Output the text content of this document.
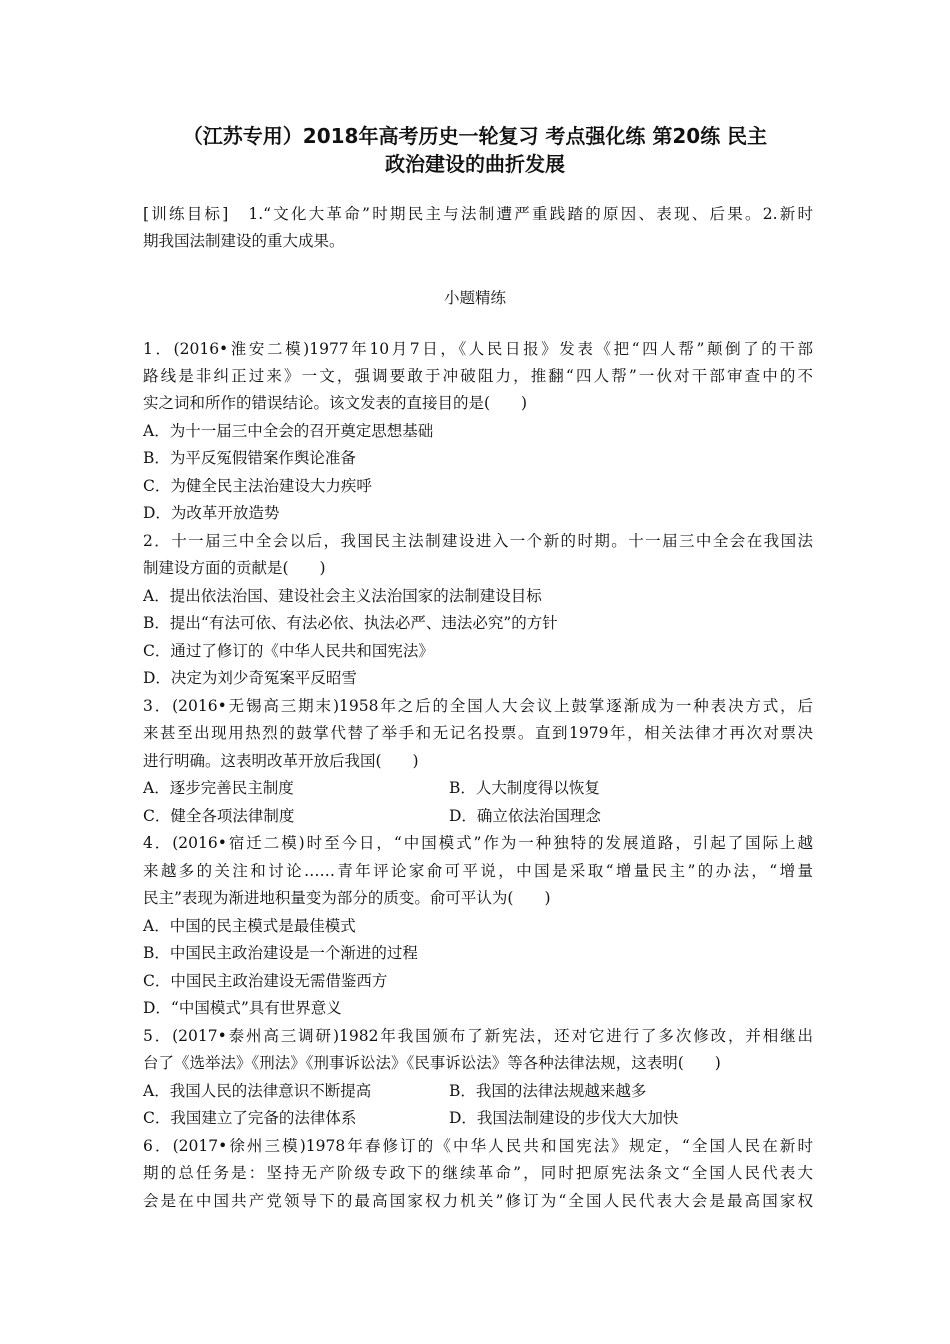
（江苏专用）2018年高考历史一轮复习 考点强化练 第20练 民主
政治建设的曲折发展
[训练目标]　1.“文化大革命”时期民主与法制遭严重践踏的原因、表现、后果。2.新时
期我国法制建设的重大成果。
小题精练
1．(2016•淮安二模)1977年10月7日，《人民日报》发表《把“四人帮”颠倒了的干部
路线是非纠正过来》一文，强调要敢于冲破阻力，推翻“四人帮”一伙对干部审查中的不
实之词和所作的错误结论。该文发表的直接目的是(　　)
A．为十一届三中全会的召开奠定思想基础
B．为平反冤假错案作舆论准备
C．为健全民主法治建设大力疾呼
D．为改革开放造势
2．十一届三中全会以后，我国民主法制建设进入一个新的时期。十一届三中全会在我国法
制建设方面的贡献是(　　)
A．提出依法治国、建设社会主义法治国家的法制建设目标
B．提出“有法可依、有法必依、执法必严、违法必究”的方针
C．通过了修订的《中华人民共和国宪法》
D．决定为刘少奇冤案平反昭雪
3．(2016•无锡高三期末)1958年之后的全国人大会议上鼓掌逐渐成为一种表决方式，后
来甚至出现用热烈的鼓掌代替了举手和无记名投票。直到1979年，相关法律才再次对票决
进行明确。这表明改革开放后我国(　　)
A．逐步完善民主制度	B．人大制度得以恢复
C．健全各项法律制度	D．确立依法治国理念
4．(2016•宿迁二模)时至今日，“中国模式”作为一种独特的发展道路，引起了国际上越
来越多的关注和讨论……青年评论家俞可平说，中国是采取“增量民主”的办法，“增量
民主”表现为渐进地积量变为部分的质变。俞可平认为(　　)
A．中国的民主模式是最佳模式
B．中国民主政治建设是一个渐进的过程
C．中国民主政治建设无需借鉴西方
D．“中国模式”具有世界意义
5．(2017•泰州高三调研)1982年我国颁布了新宪法，还对它进行了多次修改，并相继出
台了《选举法》《刑法》《刑事诉讼法》《民事诉讼法》等各种法律法规，这表明(　　)
A．我国人民的法律意识不断提高	B．我国的法律法规越来越多
C．我国建立了完备的法律体系	D．我国法制建设的步伐大大加快
6．(2017•徐州三模)1978年春修订的《中华人民共和国宪法》规定，“全国人民在新时
期的总任务是：坚持无产阶级专政下的继续革命”，同时把原宪法条文“全国人民代表大
会是在中国共产党领导下的最高国家权力机关”修订为“全国人民代表大会是最高国家权
